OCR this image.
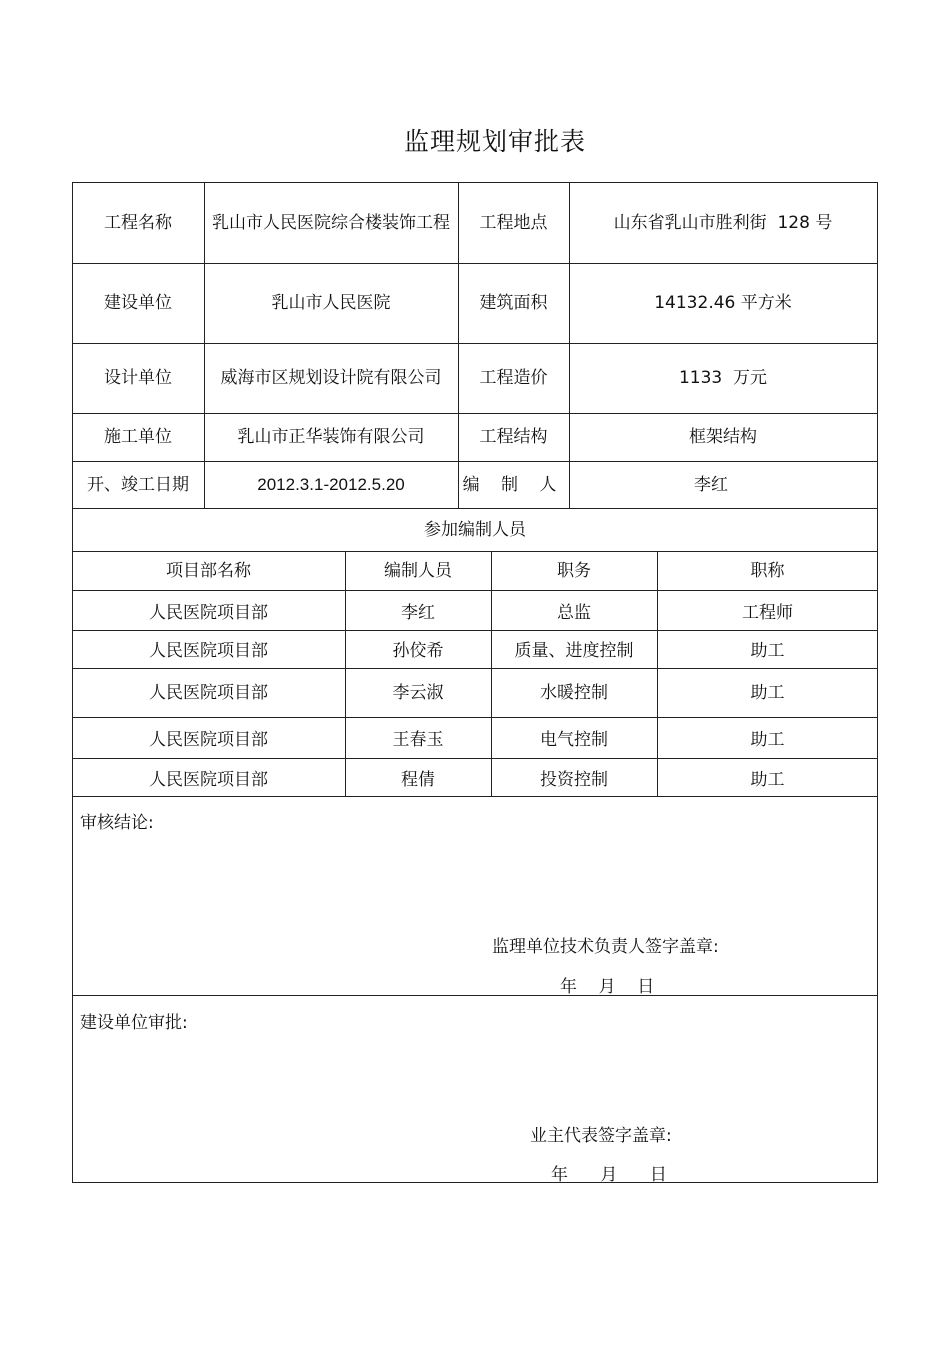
监理规划审批表
工程名称	乳山市人民医院综合楼装饰工程	工程地点	山东省乳山市胜利街  128 号
建设单位	乳山市人民医院	建筑面积	14132.46 平方米
设计单位	威海市区规划设计院有限公司	工程造价	1133  万元
施工单位	乳山市正华装饰有限公司	工程结构	框架结构
开、竣工日期	2012.3.1-2012.5.20	编 制 人	李红
参加编制人员
项目部名称	编制人员	职务	职称
人民医院项目部	李红	总监	工程师
人民医院项目部	孙佼希	质量、进度控制	助工
人民医院项目部	李云淑	水暖控制	助工
人民医院项目部	王春玉	电气控制	助工
人民医院项目部	程倩	投资控制	助工
审核结论:
监理单位技术负责人签字盖章:
年    月    日
建设单位审批:
业主代表签字盖章:
年      月      日
